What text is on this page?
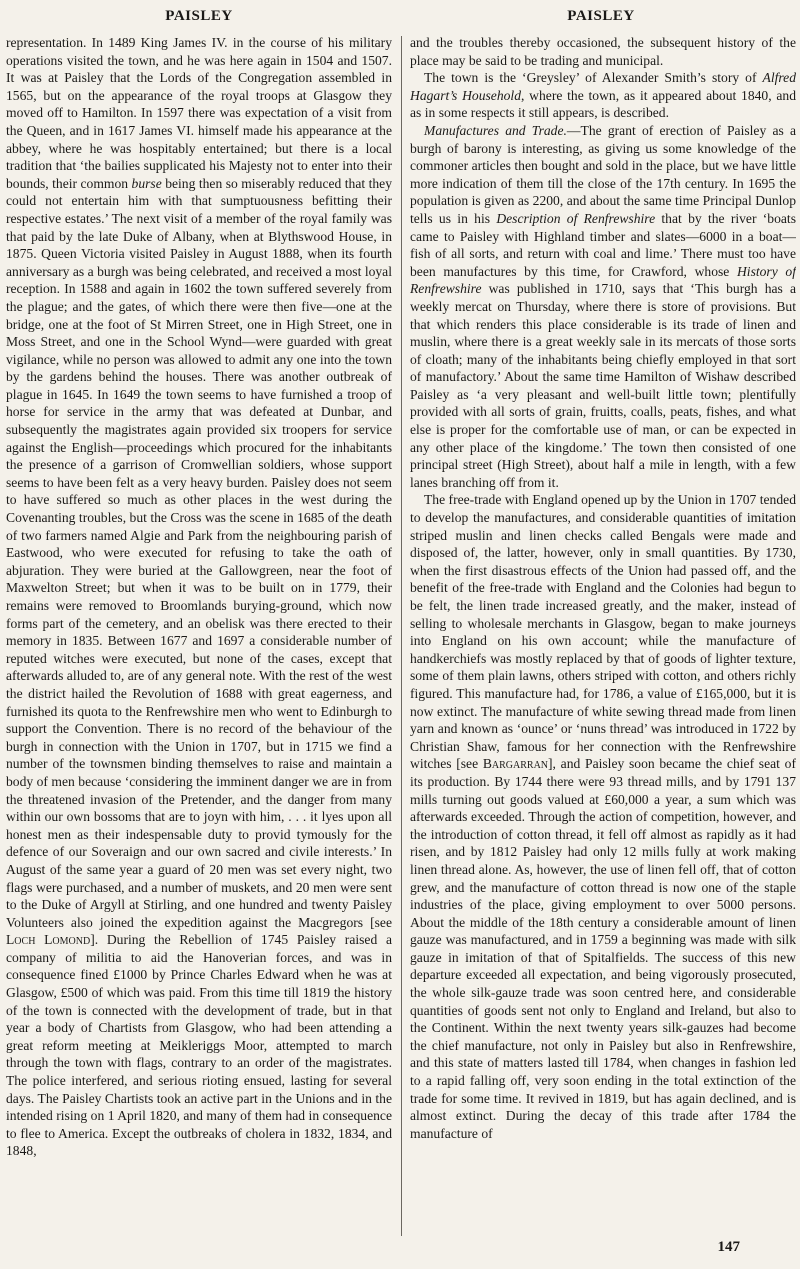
PAISLEY	PAISLEY

representation. In 1489 King James IV. in the course of his military operations visited the town, and he was here again in 1504 and 1507. It was at Paisley that the Lords of the Congregation assembled in 1565, but on the appearance of the royal troops at Glasgow they moved off to Hamilton. In 1597 there was expectation of a visit from the Queen, and in 1617 James VI. himself made his appearance at the abbey, where he was hospitably entertained; but there is a local tradition that ‘the bailies supplicated his Majesty not to enter into their bounds, their common burse being then so miserably reduced that they could not entertain him with that sumptuousness befitting their respective estates.’ The next visit of a member of the royal family was that paid by the late Duke of Albany, when at Blythswood House, in 1875. Queen Victoria visited Paisley in August 1888, when its fourth anniversary as a burgh was being celebrated, and received a most loyal reception. In 1588 and again in 1602 the town suffered severely from the plague; and the gates, of which there were then five—one at the bridge, one at the foot of St Mirren Street, one in High Street, one in Moss Street, and one in the School Wynd—were guarded with great vigilance, while no person was allowed to admit any one into the town by the gardens behind the houses. There was another outbreak of plague in 1645. In 1649 the town seems to have furnished a troop of horse for service in the army that was defeated at Dunbar, and subsequently the magistrates again provided six troopers for service against the English—proceedings which procured for the inhabitants the presence of a garrison of Cromwellian soldiers, whose support seems to have been felt as a very heavy burden. Paisley does not seem to have suffered so much as other places in the west during the Covenanting troubles, but the Cross was the scene in 1685 of the death of two farmers named Algie and Park from the neighbouring parish of Eastwood, who were executed for refusing to take the oath of abjuration. They were buried at the Gallowgreen, near the foot of Maxwelton Street; but when it was to be built on in 1779, their remains were removed to Broomlands burying-ground, which now forms part of the cemetery, and an obelisk was there erected to their memory in 1835. Between 1677 and 1697 a considerable number of reputed witches were executed, but none of the cases, except that afterwards alluded to, are of any general note. With the rest of the west the district hailed the Revolution of 1688 with great eagerness, and furnished its quota to the Renfrewshire men who went to Edinburgh to support the Convention. There is no record of the behaviour of the burgh in connection with the Union in 1707, but in 1715 we find a number of the townsmen binding themselves to raise and maintain a body of men because ‘considering the imminent danger we are in from the threatened invasion of the Pretender, and the danger from many within our own bossoms that are to joyn with him, . . . it lyes upon all honest men as their indespensable duty to provid tymously for the defence of our Soveraign and our own sacred and civile interests.’ In August of the same year a guard of 20 men was set every night, two flags were purchased, and a number of muskets, and 20 men were sent to the Duke of Argyll at Stirling, and one hundred and twenty Paisley Volunteers also joined the expedition against the Macgregors [see Loch Lomond]. During the Rebellion of 1745 Paisley raised a company of militia to aid the Hanoverian forces, and was in consequence fined £1000 by Prince Charles Edward when he was at Glasgow, £500 of which was paid. From this time till 1819 the history of the town is connected with the development of trade, but in that year a body of Chartists from Glasgow, who had been attending a great reform meeting at Meikleriggs Moor, attempted to march through the town with flags, contrary to an order of the magistrates. The police interfered, and serious rioting ensued, lasting for several days. The Paisley Chartists took an active part in the Unions and in the intended rising on 1 April 1820, and many of them had in consequence to flee to America. Except the outbreaks of cholera in 1832, 1834, and 1848,

and the troubles thereby occasioned, the subsequent history of the place may be said to be trading and municipal.

The town is the ‘Greysley’ of Alexander Smith’s story of Alfred Hagart’s Household, where the town, as it appeared about 1840, and as in some respects it still appears, is described.

Manufactures and Trade.—The grant of erection of Paisley as a burgh of barony is interesting, as giving us some knowledge of the commoner articles then bought and sold in the place, but we have little more indication of them till the close of the 17th century. In 1695 the population is given as 2200, and about the same time Principal Dunlop tells us in his Description of Renfrewshire that by the river ‘boats came to Paisley with Highland timber and slates—6000 in a boat—fish of all sorts, and return with coal and lime.’ There must too have been manufactures by this time, for Crawford, whose History of Renfrewshire was published in 1710, says that ‘This burgh has a weekly mercat on Thursday, where there is store of provisions. But that which renders this place considerable is its trade of linen and muslin, where there is a great weekly sale in its mercats of those sorts of cloath; many of the inhabitants being chiefly employed in that sort of manufactory.’ About the same time Hamilton of Wishaw described Paisley as ‘a very pleasant and well-built little town; plentifully provided with all sorts of grain, fruitts, coalls, peats, fishes, and what else is proper for the comfortable use of man, or can be expected in any other place of the kingdome.’ The town then consisted of one principal street (High Street), about half a mile in length, with a few lanes branching off from it.

The free-trade with England opened up by the Union in 1707 tended to develop the manufactures, and considerable quantities of imitation striped muslin and linen checks called Bengals were made and disposed of, the latter, however, only in small quantities. By 1730, when the first disastrous effects of the Union had passed off, and the benefit of the free-trade with England and the Colonies had begun to be felt, the linen trade increased greatly, and the maker, instead of selling to wholesale merchants in Glasgow, began to make journeys into England on his own account; while the manufacture of handkerchiefs was mostly replaced by that of goods of lighter texture, some of them plain lawns, others striped with cotton, and others richly figured. This manufacture had, for 1786, a value of £165,000, but it is now extinct. The manufacture of white sewing thread made from linen yarn and known as ‘ounce’ or ‘nuns thread’ was introduced in 1722 by Christian Shaw, famous for her connection with the Renfrewshire witches [see Bargarran], and Paisley soon became the chief seat of its production. By 1744 there were 93 thread mills, and by 1791 137 mills turning out goods valued at £60,000 a year, a sum which was afterwards exceeded. Through the action of competition, however, and the introduction of cotton thread, it fell off almost as rapidly as it had risen, and by 1812 Paisley had only 12 mills fully at work making linen thread alone. As, however, the use of linen fell off, that of cotton grew, and the manufacture of cotton thread is now one of the staple industries of the place, giving employment to over 5000 persons. About the middle of the 18th century a considerable amount of linen gauze was manufactured, and in 1759 a beginning was made with silk gauze in imitation of that of Spitalfields. The success of this new departure exceeded all expectation, and being vigorously prosecuted, the whole silk-gauze trade was soon centred here, and considerable quantities of goods sent not only to England and Ireland, but also to the Continent. Within the next twenty years silk-gauzes had become the chief manufacture, not only in Paisley but also in Renfrewshire, and this state of matters lasted till 1784, when changes in fashion led to a rapid falling off, very soon ending in the total extinction of the trade for some time. It revived in 1819, but has again declined, and is almost extinct. During the decay of this trade after 1784 the manufacture of

147
